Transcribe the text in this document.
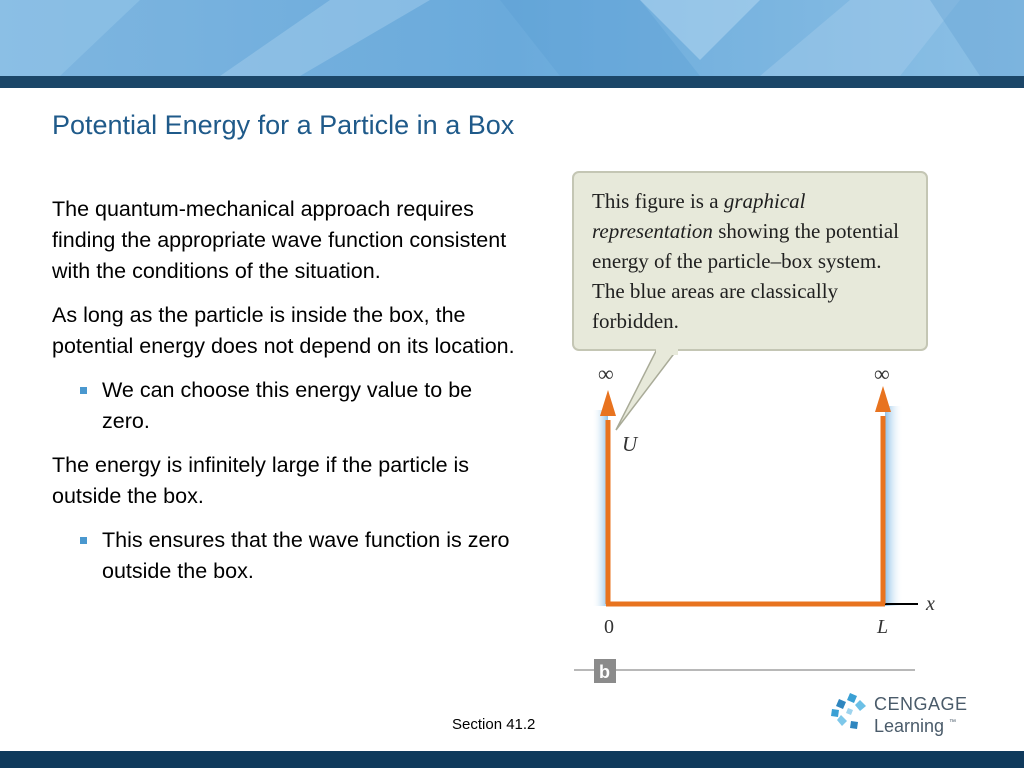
Potential Energy for a Particle in a Box

The quantum-mechanical approach requires finding the appropriate wave function consistent with the conditions of the situation.

As long as the particle is inside the box, the potential energy does not depend on its location.

We can choose this energy value to be zero.

The energy is infinitely large if the particle is outside the box.

This ensures that the wave function is zero outside the box.
This figure is a graphical representation showing the potential energy of the particle–box system. The blue areas are classically forbidden.
∞	∞
U
x
0	L
b
Section 41.2
CENGAGE
Learning ™
